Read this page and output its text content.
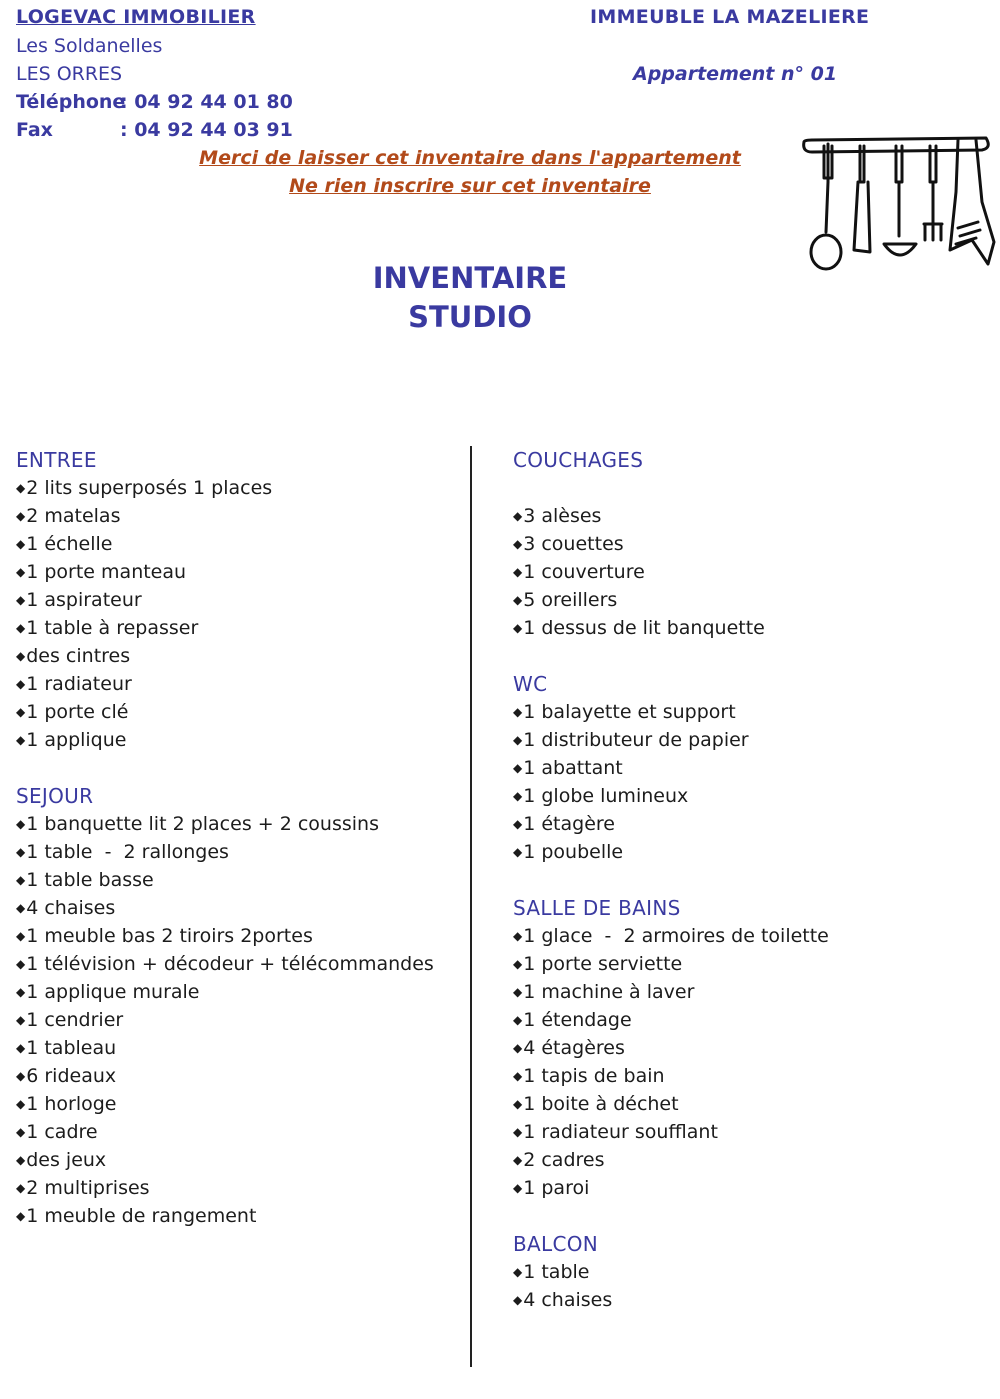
LOGEVAC IMMOBILIER
Les Soldanelles
LES ORRES
Téléphone: 04 92 44 01 80
Fax	: 04 92 44 03 91
IMMEUBLE LA MAZELIERE
Appartement n° 01
Merci de laisser cet inventaire dans l'appartement
Ne rien inscrire sur cet inventaire
INVENTAIRE
STUDIO
ENTREE
◆2 lits superposés 1 places
◆2 matelas
◆1 échelle
◆1 porte manteau
◆1 aspirateur
◆1 table à repasser
◆des cintres
◆1 radiateur
◆1 porte clé
◆1 applique
SEJOUR
◆1 banquette lit 2 places + 2 coussins
◆1 table  -  2 rallonges
◆1 table basse
◆4 chaises
◆1 meuble bas 2 tiroirs 2portes
◆1 télévision + décodeur + télécommandes
◆1 applique murale
◆1 cendrier
◆1 tableau
◆6 rideaux
◆1 horloge
◆1 cadre
◆des jeux
◆2 multiprises
◆1 meuble de rangement
COUCHAGES
◆3 alèses
◆3 couettes
◆1 couverture
◆5 oreillers
◆1 dessus de lit banquette
WC
◆1 balayette et support
◆1 distributeur de papier
◆1 abattant
◆1 globe lumineux
◆1 étagère
◆1 poubelle
SALLE DE BAINS
◆1 glace  -  2 armoires de toilette
◆1 porte serviette
◆1 machine à laver
◆1 étendage
◆4 étagères
◆1 tapis de bain
◆1 boite à déchet
◆1 radiateur soufflant
◆2 cadres
◆1 paroi
BALCON
◆1 table
◆4 chaises
